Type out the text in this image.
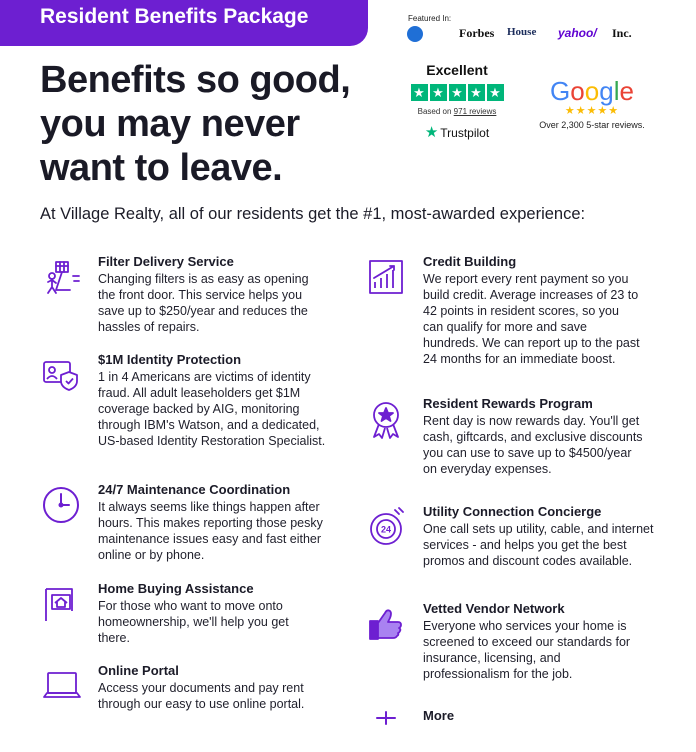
Resident Benefits Package	Featured In:
Forbes House yahoo/ Inc.
Benefits so good,
you may never
want to leave.
Excellent
★ ★ ★ ★ ★
Based on 971 reviews
★ Trustpilot
Google
★★★★★
Over 2,300 5-star reviews.
At Village Realty, all of our residents get the #1, most-awarded experience:

Filter Delivery Service

Changing filters is as easy as opening the front door. This service helps you save up to $250/year and reduces the hassles of repairs.

$1M Identity Protection

1 in 4 Americans are victims of identity fraud. All adult leaseholders get $1M coverage backed by AIG, monitoring through IBM's Watson, and a dedicated, US-based Identity Restoration Specialist.

24/7 Maintenance Coordination

It always seems like things happen after hours. This makes reporting those pesky maintenance issues easy and fast either online or by phone.

Home Buying Assistance

For those who want to move onto homeownership, we'll help you get there.

Online Portal

Access your documents and pay rent through our easy to use online portal.

Credit Building

We report every rent payment so you build credit. Average increases of 23 to 42 points in resident scores, so you can qualify for more and save hundreds. We can report up to the past 24 months for an immediate boost.

Resident Rewards Program

Rent day is now rewards day. You'll get cash, giftcards, and exclusive discounts you can use to save up to $4500/year on everyday expenses.

24

Utility Connection Concierge

One call sets up utility, cable, and internet services - and helps you get the best promos and discount codes available.

Vetted Vendor Network

Everyone who services your home is screened to exceed our standards for insurance, licensing, and professionalism for the job.

More
